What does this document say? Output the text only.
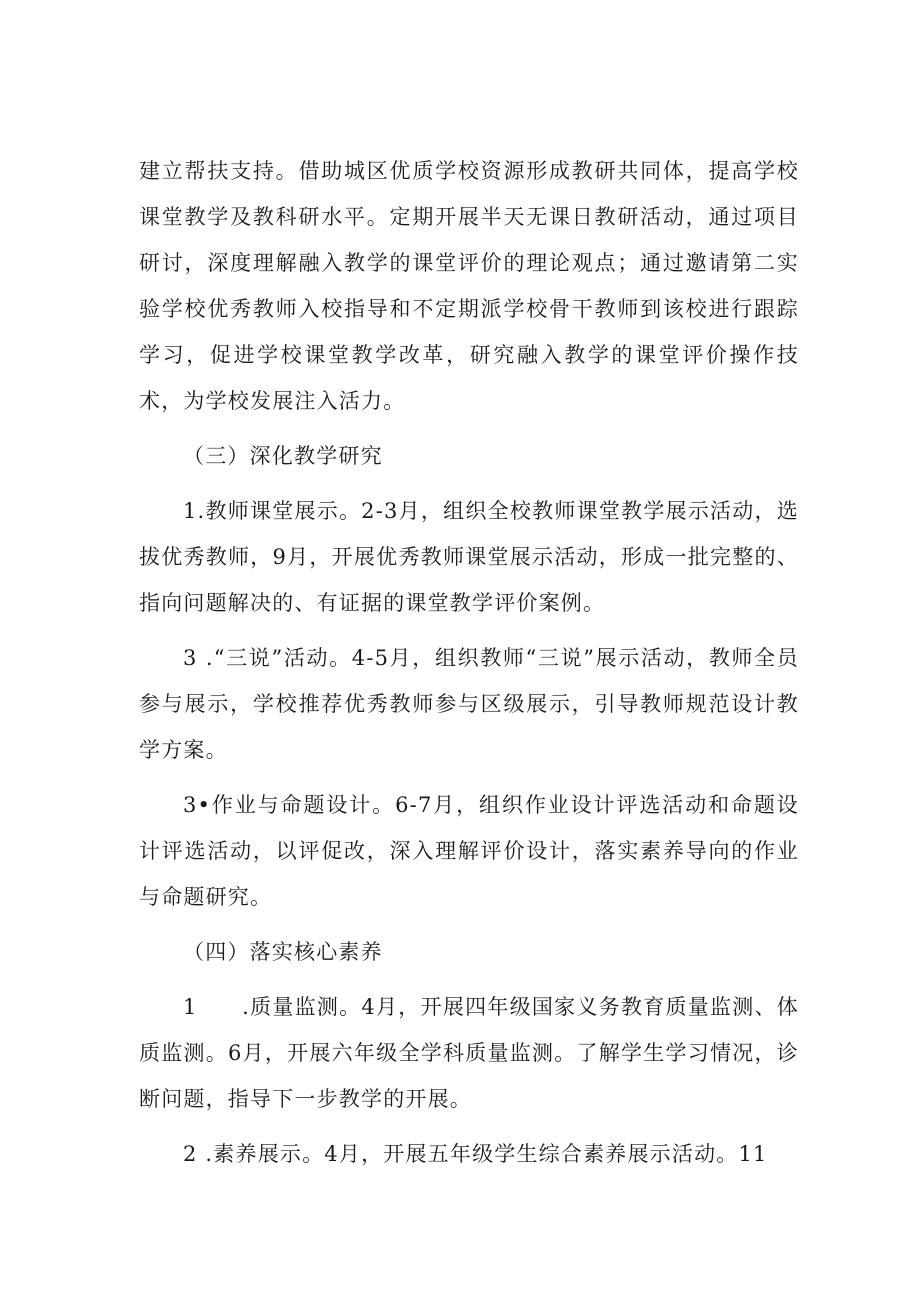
建立帮扶支持。借助城区优质学校资源形成教研共同体，提高学校课堂教学及教科研水平。定期开展半天无课日教研活动，通过项目研讨，深度理解融入教学的课堂评价的理论观点；通过邀请第二实验学校优秀教师入校指导和不定期派学校骨干教师到该校进行跟踪学习，促进学校课堂教学改革，研究融入教学的课堂评价操作技术，为学校发展注入活力。

（三）深化教学研究

1.教师课堂展示。2-3月，组织全校教师课堂教学展示活动，选拔优秀教师，9月，开展优秀教师课堂展示活动，形成一批完整的、指向问题解决的、有证据的课堂教学评价案例。

3 .“三说”活动。4-5月，组织教师“三说”展示活动，教师全员参与展示，学校推荐优秀教师参与区级展示，引导教师规范设计教学方案。

3•作业与命题设计。6-7月，组织作业设计评选活动和命题设计评选活动，以评促改，深入理解评价设计，落实素养导向的作业与命题研究。

（四）落实核心素养

1　　.质量监测。4月，开展四年级国家义务教育质量监测、体质监测。6月，开展六年级全学科质量监测。了解学生学习情况，诊断问题，指导下一步教学的开展。

2 .素养展示。4月，开展五年级学生综合素养展示活动。11
